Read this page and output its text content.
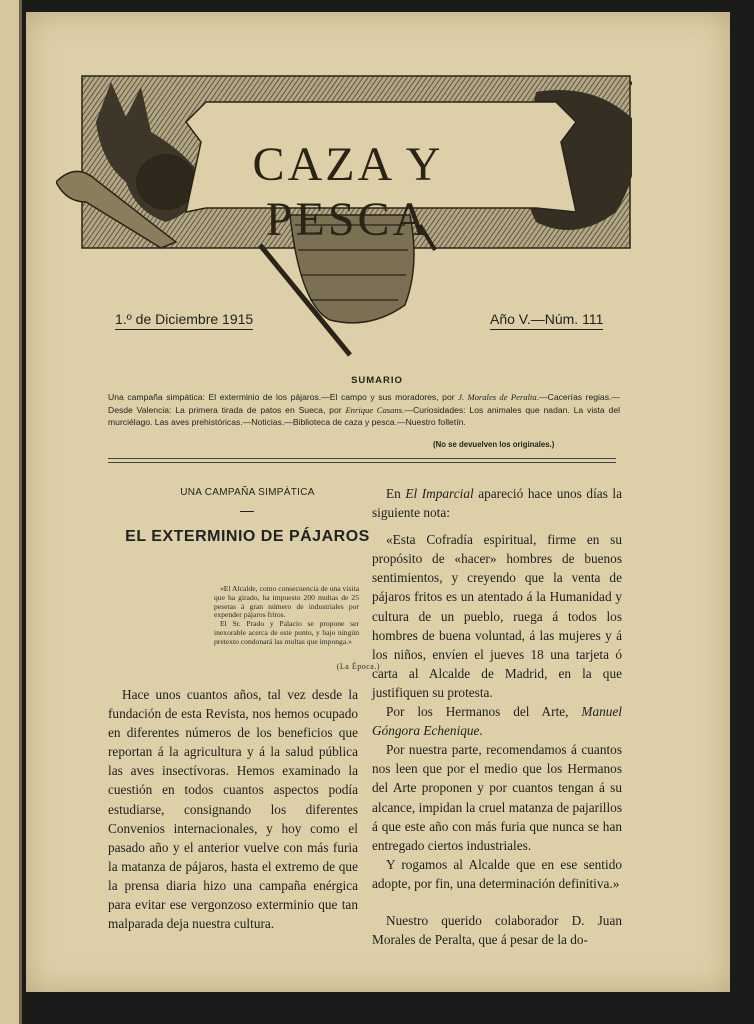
CAZA Y PESCA
1.º de Diciembre 1915	Año V.—Núm. 111
SUMARIO
Una campaña simpática: El exterminio de los pájaros.—El campo y sus moradores, por J. Morales de Peralta.—Cacerías regias.—Desde Valencia: La primera tirada de patos en Sueca, por Enrique Casans.—Curiosidades: Los animales que nadan. La vista del murciélago. Las aves prehistóricas.—Noticias.—Biblioteca de caza y pesca.—Nuestro folletín.
(No se devuelven los originales.)
UNA CAMPAÑA SIMPÁTICA
EL EXTERMINIO DE PÁJAROS

«El Alcalde, como consecuencia de una visita que ha girado, ha impuesto 200 multas de 25 pesetas á gran número de industriales por expender pájaros fritos.

El Sr. Prado y Palacio se propone ser inexorable acerca de este punto, y bajo ningún pretexto condonará las multas que imponga.»

(La Época.)

Hace unos cuantos años, tal vez desde la fundación de esta Revista, nos hemos ocupado en diferentes números de los beneficios que reportan á la agricultura y á la salud pública las aves insectívoras. Hemos examinado la cuestión en todos cuantos aspectos podía estudiarse, consignando los diferentes Convenios internacionales, y hoy como el pasado año y el anterior vuelve con más furia la matanza de pájaros, hasta el extremo de que la prensa diaria hizo una campaña enérgica para evitar ese vergonzoso exterminio que tan malparada deja nuestra cultura.

En El Imparcial apareció hace unos días la siguiente nota:

«Esta Cofradía espiritual, firme en su propósito de «hacer» hombres de buenos sentimientos, y creyendo que la venta de pájaros fritos es un atentado á la Humanidad y cultura de un pueblo, ruega á todos los hombres de buena voluntad, á las mujeres y á los niños, envíen el jueves 18 una tarjeta ó carta al Alcalde de Madrid, en la que justifiquen su protesta.

Por los Hermanos del Arte, Manuel Góngora Echenique.

Por nuestra parte, recomendamos á cuantos nos leen que por el medio que los Hermanos del Arte proponen y por cuantos tengan á su alcance, impidan la cruel matanza de pajarillos á que este año con más furia que nunca se han entregado ciertos industriales.

Y rogamos al Alcalde que en ese sentido adopte, por fin, una determinación definitiva.»

Nuestro querido colaborador D. Juan Morales de Peralta, que á pesar de la do-
